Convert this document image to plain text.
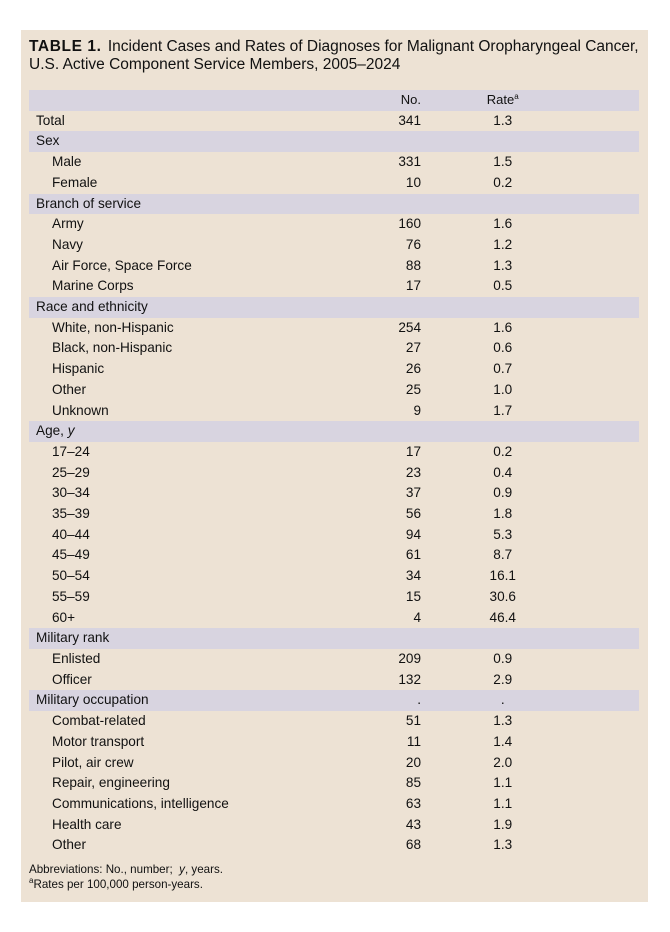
TABLE 1. Incident Cases and Rates of Diagnoses for Malignant Oropharyngeal Cancer, U.S. Active Component Service Members, 2005–2024
	No.	Rate$^a$	
Total	341	1.3	
Sex			
Male	331	1.5	
Female	10	0.2	
Branch of service			
Army	160	1.6	
Navy	76	1.2	
Air Force, Space Force	88	1.3	
Marine Corps	17	0.5	
Race and ethnicity			
White, non-Hispanic	254	1.6	
Black, non-Hispanic	27	0.6	
Hispanic	26	0.7	
Other	25	1.0	
Unknown	9	1.7	
Age, y			
17–24	17	0.2	
25–29	23	0.4	
30–34	37	0.9	
35–39	56	1.8	
40–44	94	5.3	
45–49	61	8.7	
50–54	34	16.1	
55–59	15	30.6	
60+	4	46.4	
Military rank			
Enlisted	209	0.9	
Officer	132	2.9	
Military occupation	.	.	
Combat-related	51	1.3	
Motor transport	11	1.4	
Pilot, air crew	20	2.0	
Repair, engineering	85	1.1	
Communications, intelligence	63	1.1	
Health care	43	1.9	
Other	68	1.3	
Abbreviations: No., number; y, years.
$^a$Rates per 100,000 person-years.
